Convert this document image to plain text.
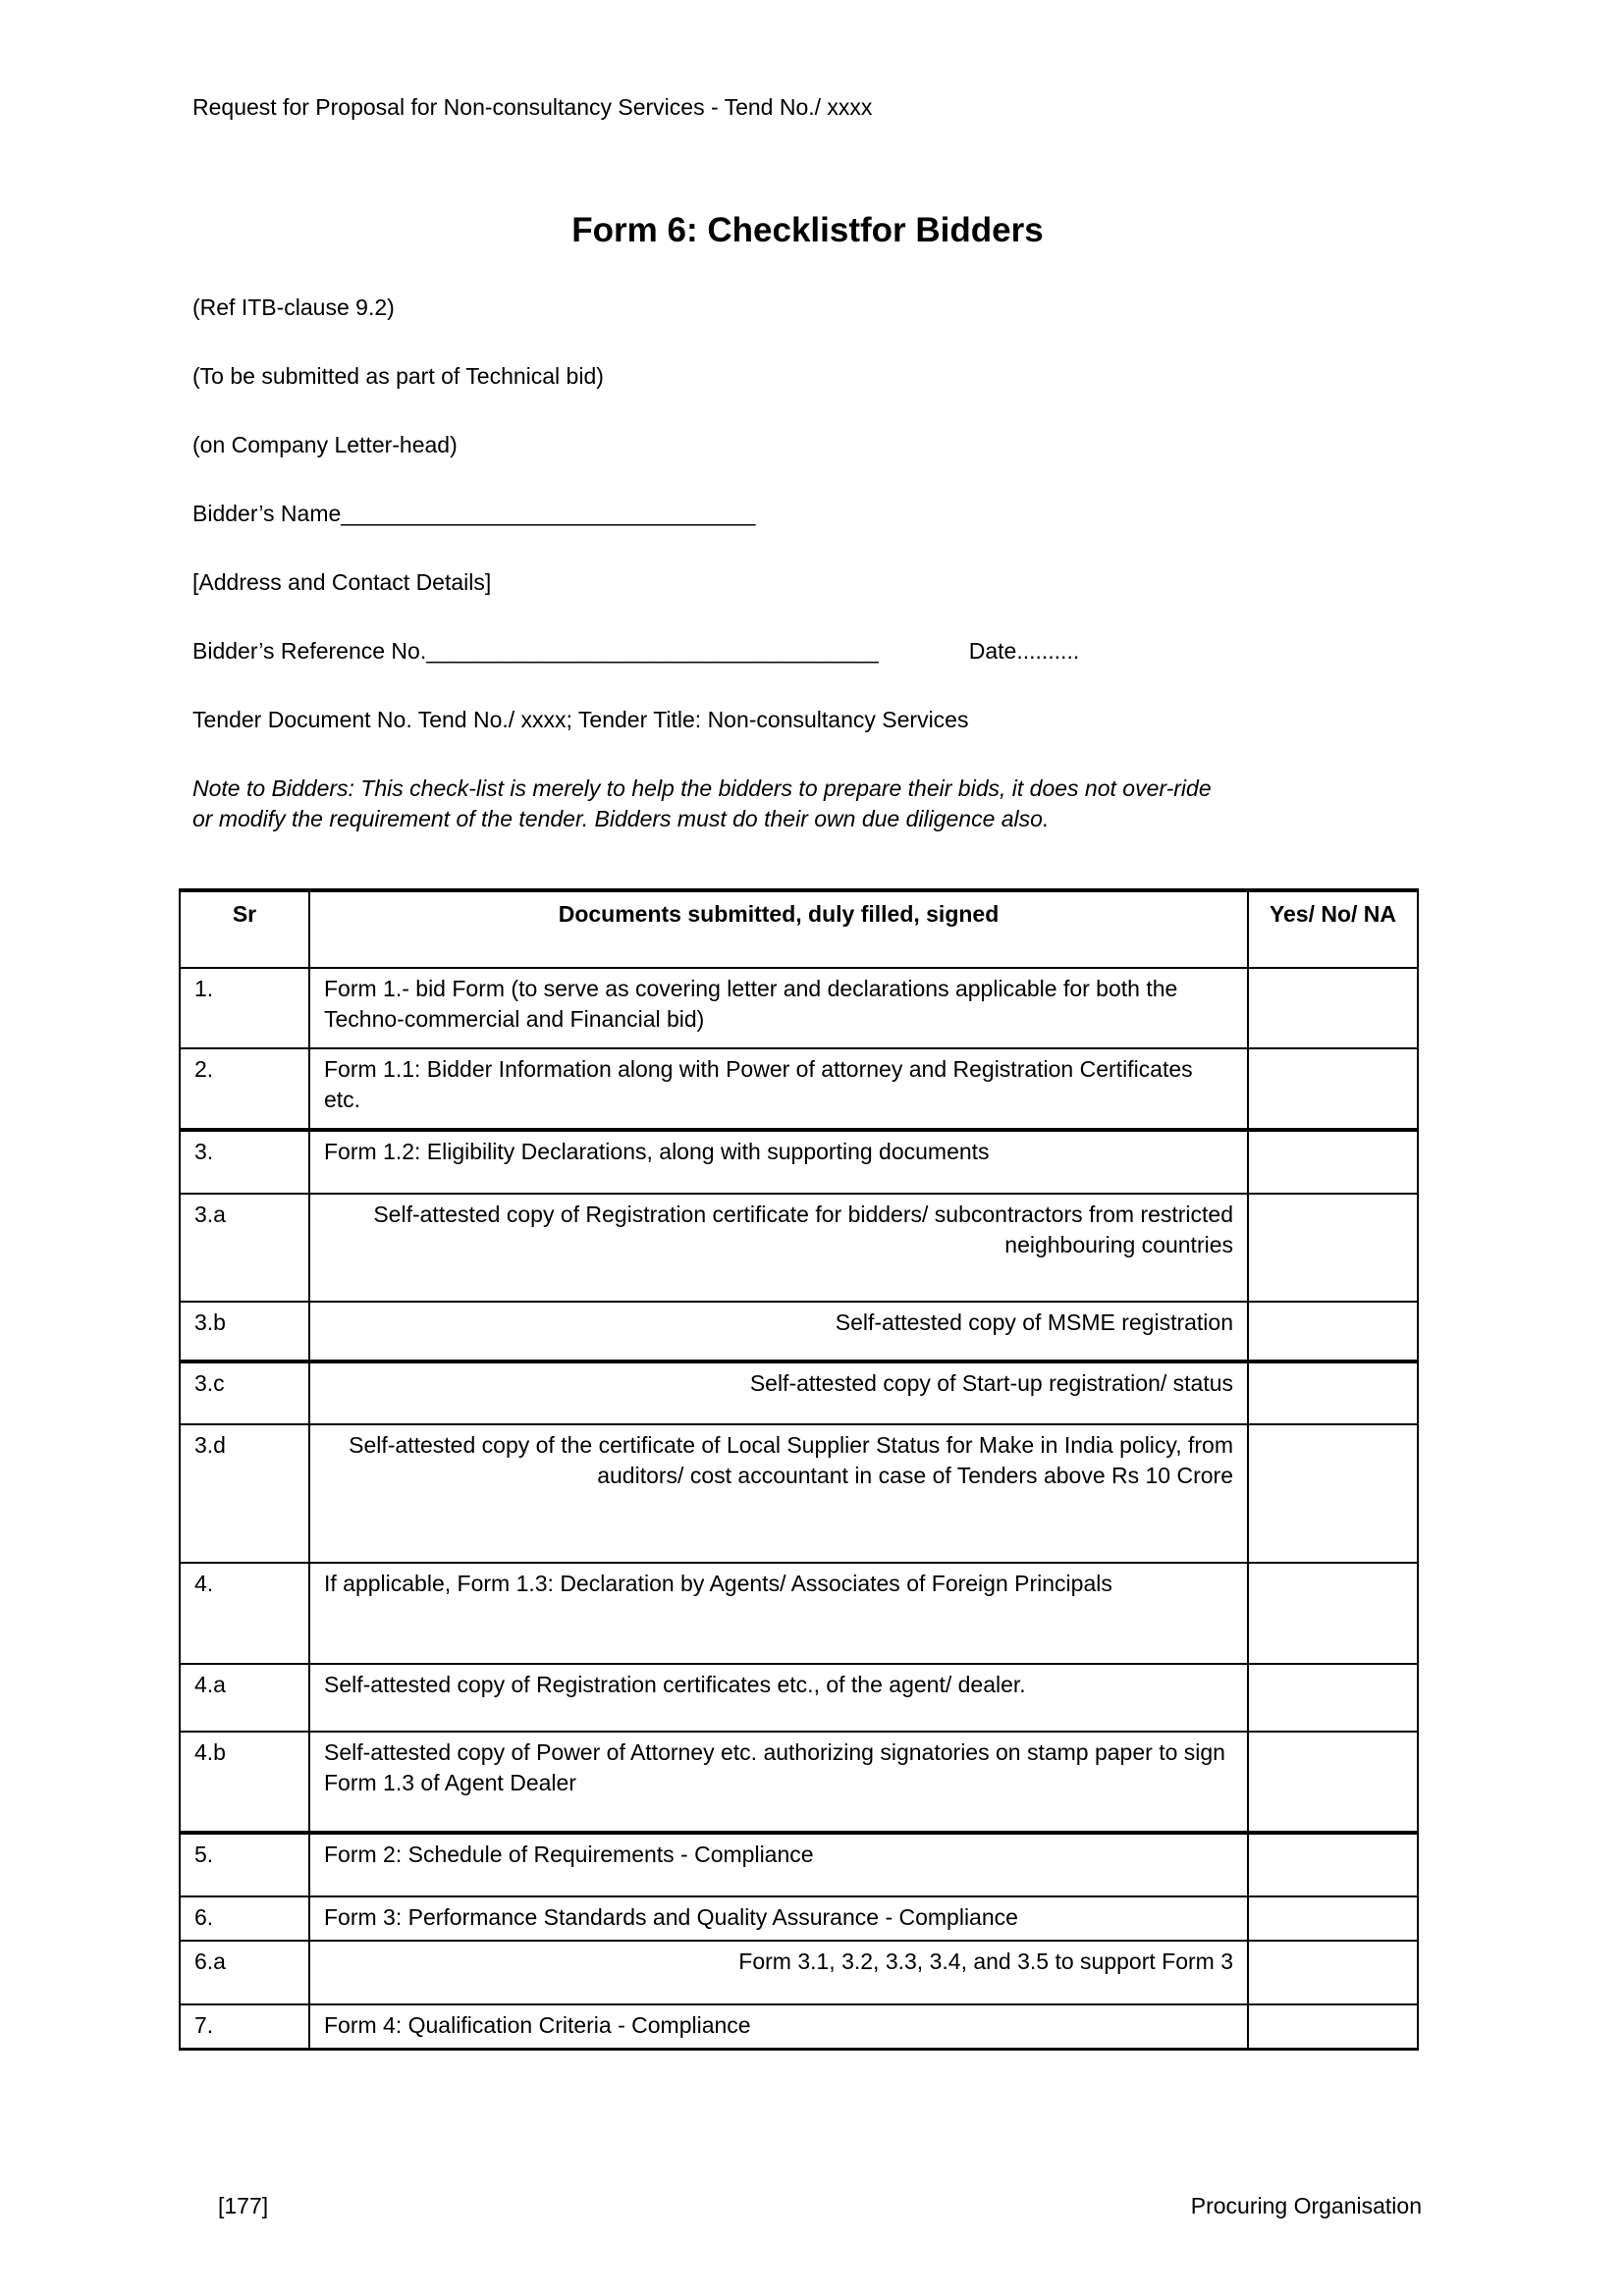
Request for Proposal for Non-consultancy Services - Tend No./ xxxx
Form 6: Checklistfor Bidders

(Ref ITB-clause 9.2)

(To be submitted as part of Technical bid)

(on Company Letter-head)

Bidder’s Name_________________________________

[Address and Contact Details]

Bidder’s Reference No.____________________________________	Date..........

Tender Document No. Tend No./ xxxx; Tender Title: Non-consultancy Services

Note to Bidders: This check-list is merely to help the bidders to prepare their bids, it does not over-ride
or modify the requirement of the tender. Bidders must do their own due diligence also.
Sr	Documents submitted, duly filled, signed	Yes/ No/ NA
1.	Form 1.- bid Form (to serve as covering letter and declarations applicable for both the Techno-commercial and Financial bid)	
2.	Form 1.1: Bidder Information along with Power of attorney and Registration Certificates etc.	
3.	Form 1.2: Eligibility Declarations, along with supporting documents	
3.a	Self-attested copy of Registration certificate for bidders/ subcontractors from restricted neighbouring countries	
3.b	Self-attested copy of MSME registration	
3.c	Self-attested copy of Start-up registration/ status	
3.d	Self-attested copy of the certificate of Local Supplier Status for Make in India policy, from auditors/ cost accountant in case of Tenders above Rs 10 Crore	
4.	If applicable, Form 1.3: Declaration by Agents/ Associates of Foreign Principals	
4.a	Self-attested copy of Registration certificates etc., of the agent/ dealer.	
4.b	Self-attested copy of Power of Attorney etc. authorizing signatories on stamp paper to sign Form 1.3 of Agent Dealer	
5.	Form 2: Schedule of Requirements - Compliance	
6.	Form 3: Performance Standards and Quality Assurance - Compliance	
6.a	Form 3.1, 3.2, 3.3, 3.4, and 3.5 to support Form 3	
7.	Form 4: Qualification Criteria - Compliance	
[177]	Procuring Organisation
